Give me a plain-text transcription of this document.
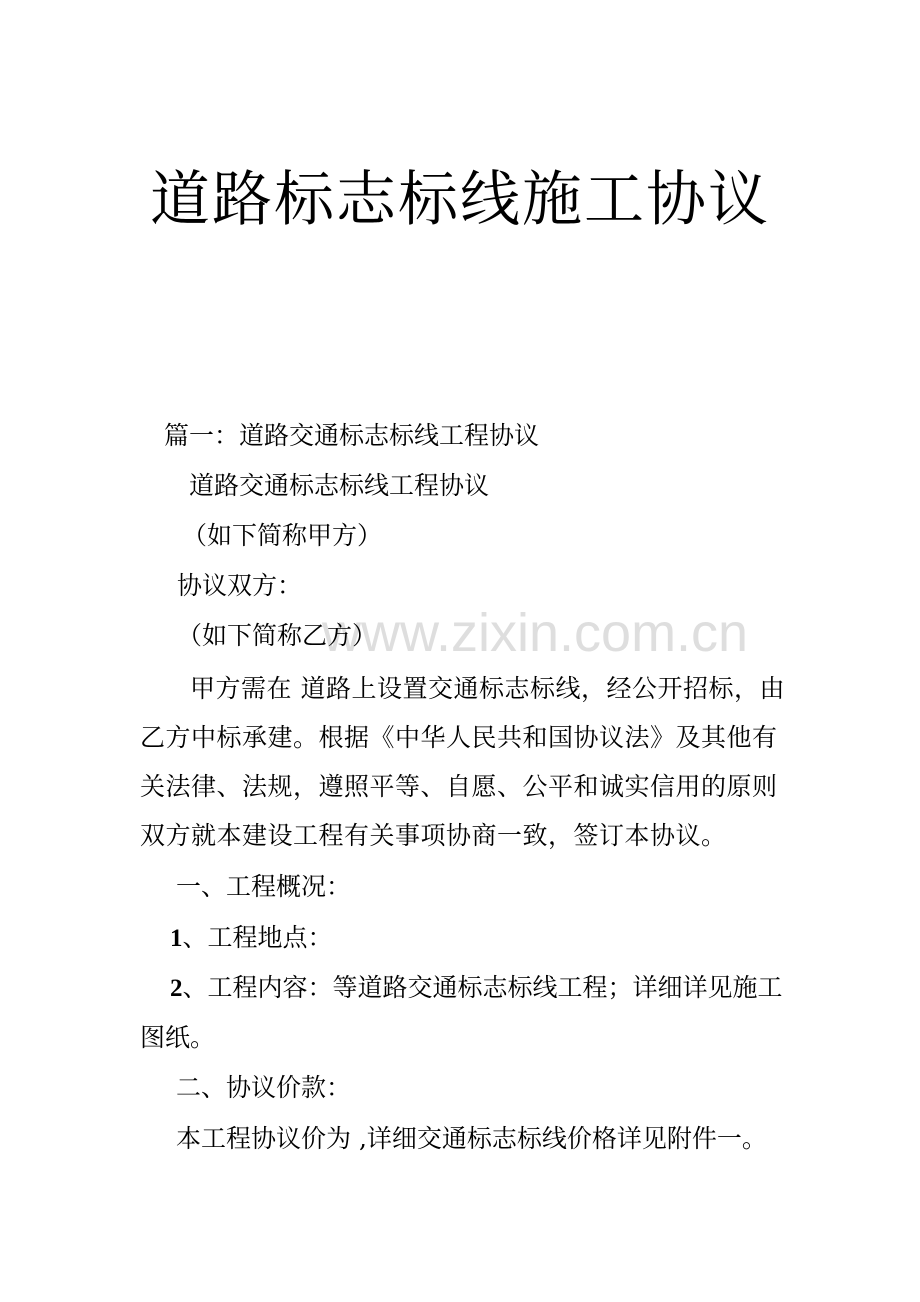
道路标志标线施工协议
www.zixin.com.cn
篇一：道路交通标志标线工程协议
道路交通标志标线工程协议
（如下简称甲方）
协议双方：
（如下简称乙方）
甲方需在 道路上设置交通标志标线，经公开招标，由乙方中标承建。根据《中华人民共和国协议法》及其他有关法律、法规，遵照平等、自愿、公平和诚实信用的原则双方就本建设工程有关事项协商一致，签订本协议。
一、工程概况：
1、工程地点：
2、工程内容：等道路交通标志标线工程；详细详见施工
图纸。
二、协议价款：
本工程协议价为 ,详细交通标志标线价格详见附件一。
